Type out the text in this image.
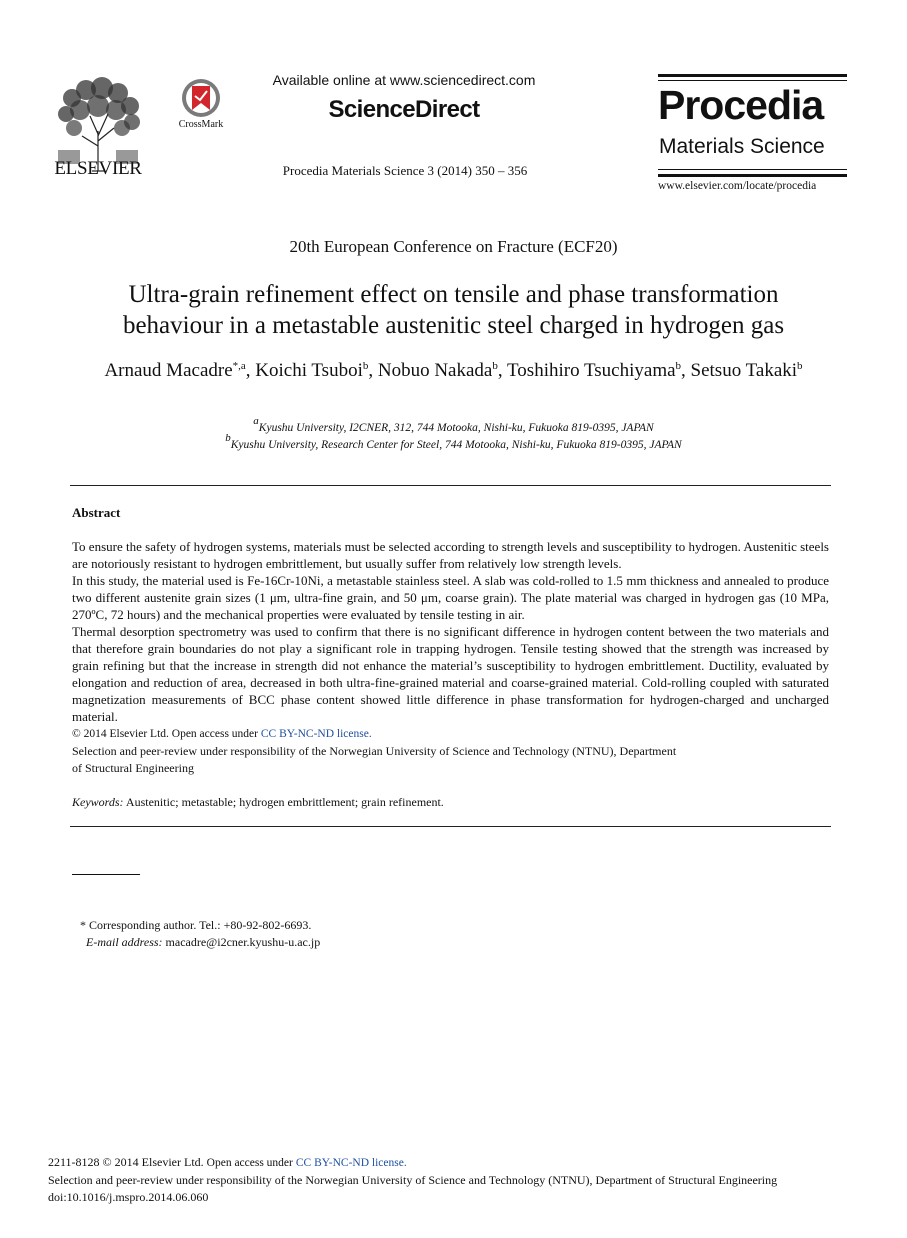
ELSEVIER
CrossMark
Available online at www.sciencedirect.com
ScienceDirect
Procedia Materials Science 3 (2014) 350 – 356
Procedia
Materials Science
www.elsevier.com/locate/procedia
20th European Conference on Fracture (ECF20)
Ultra-grain refinement effect on tensile and phase transformation
behaviour in a metastable austenitic steel charged in hydrogen gas
Arnaud Macadre$^{*,a}$, Koichi Tsuboi$^b$, Nobuo Nakada$^b$, Toshihiro Tsuchiyama$^b$, Setsuo Takaki$^b$
$^a$Kyushu University, I2CNER, 312, 744 Motooka, Nishi-ku, Fukuoka 819-0395, JAPAN
$^b$Kyushu University, Research Center for Steel, 744 Motooka, Nishi-ku, Fukuoka 819-0395, JAPAN
Abstract

To ensure the safety of hydrogen systems, materials must be selected according to strength levels and susceptibility to hydrogen. Austenitic steels are notoriously resistant to hydrogen embrittlement, but usually suffer from relatively low strength levels.

In this study, the material used is Fe-16Cr-10Ni, a metastable stainless steel. A slab was cold-rolled to 1.5 mm thickness and annealed to produce two different austenite grain sizes (1 μm, ultra-fine grain, and 50 μm, coarse grain). The plate material was charged in hydrogen gas (10 MPa, 270ºC, 72 hours) and the mechanical properties were evaluated by tensile testing in air.

Thermal desorption spectrometry was used to confirm that there is no significant difference in hydrogen content between the two materials and that therefore grain boundaries do not play a significant role in trapping hydrogen. Tensile testing showed that the strength was increased by grain refining but that the increase in strength did not enhance the material’s susceptibility to hydrogen embrittlement. Ductility, evaluated by elongation and reduction of area, decreased in both ultra-fine-grained material and coarse-grained material. Cold-rolling coupled with saturated magnetization measurements of BCC phase content showed little difference in phase transformation for hydrogen-charged and uncharged material.

© 2014 Elsevier Ltd. Open access under CC BY-NC-ND license.
Selection and peer-review under responsibility of the Norwegian University of Science and Technology (NTNU), Department
of Structural Engineering
Keywords: Austenitic; metastable; hydrogen embrittlement; grain refinement.
* Corresponding author. Tel.: +80-92-802-6693.
E-mail address: macadre@i2cner.kyushu-u.ac.jp
2211-8128 © 2014 Elsevier Ltd. Open access under CC BY-NC-ND license.
Selection and peer-review under responsibility of the Norwegian University of Science and Technology (NTNU), Department of Structural Engineering
doi:10.1016/j.mspro.2014.06.060
